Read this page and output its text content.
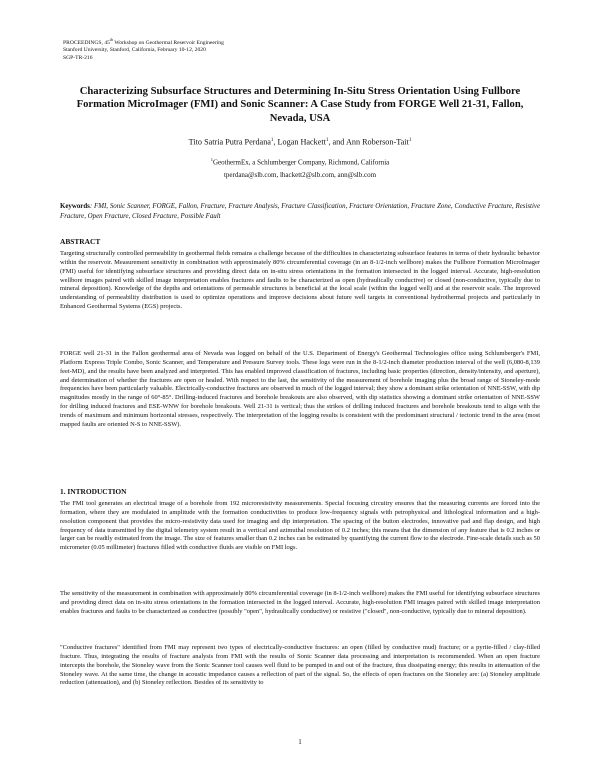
PROCEEDINGS, 45th Workshop on Geothermal Reservoir Engineering
Stanford University, Stanford, California, February 10-12, 2020
SGP-TR-216
Characterizing Subsurface Structures and Determining In-Situ Stress Orientation Using Fullbore Formation MicroImager (FMI) and Sonic Scanner: A Case Study from FORGE Well 21-31, Fallon, Nevada, USA
Tito Satria Putra Perdana$^1$, Logan Hackett$^1$, and Ann Roberson-Tait$^1$
$^1$GeothermEx, a Schlumberger Company, Richmond, California
tperdana@slb.com, lhackett2@slb.com, ann@slb.com
Keywords: FMI, Sonic Scanner, FORGE, Fallon, Fracture, Fracture Analysis, Fracture Classification, Fracture Orientation, Fracture Zone, Conductive Fracture, Resistive Fracture, Open Fracture, Closed Fracture, Possible Fault
ABSTRACT

Targeting structurally controlled permeability in geothermal fields remains a challenge because of the difficulties in characterizing subsurface features in terms of their hydraulic behavior within the reservoir. Measurement sensitivity in combination with approximately 80% circumferential coverage (in an 8-1/2-inch wellbore) makes the Fullbore Formation MicroImager (FMI) useful for identifying subsurface structures and providing direct data on in-situ stress orientations in the formation intersected in the logged interval. Accurate, high-resolution wellbore images paired with skilled image interpretation enables fractures and faults to be characterized as open (hydraulically conductive) or closed (non-conductive, typically due to mineral deposition). Knowledge of the depths and orientations of permeable structures is beneficial at the local scale (within the logged well) and at the reservoir scale. The improved understanding of permeability distribution is used to optimize operations and improve decisions about future well targets in conventional hydrothermal projects and particularly in Enhanced Geothermal Systems (EGS) projects.

FORGE well 21-31 in the Fallon geothermal area of Nevada was logged on behalf of the U.S. Department of Energy's Geothermal Technologies office using Schlumberger's FMI, Platform Express Triple Combo, Sonic Scanner, and Temperature and Pressure Survey tools. These logs were run in the 8-1/2-inch diameter production interval of the well (6,080-8,139 feet-MD), and the results have been analyzed and interpreted. This has enabled improved classification of fractures, including basic properties (direction, density/intensity, and aperture), and determination of whether the fractures are open or healed. With respect to the last, the sensitivity of the measurement of borehole imaging plus the broad range of Stoneley-mode frequencies have been particularly valuable. Electrically-conductive fractures are observed in much of the logged interval; they show a dominant strike orientation of NNE-SSW, with dip magnitudes mostly in the range of 60°-85°. Drilling-induced fractures and borehole breakouts are also observed, with dip statistics showing a dominant strike orientation of NNE-SSW for drilling induced fractures and ESE-WNW for borehole breakouts. Well 21-31 is vertical; thus the strikes of drilling induced fractures and borehole breakouts tend to align with the trends of maximum and minimum horizontal stresses, respectively. The interpretation of the logging results is consistent with the predominant structural / tectonic trend in the area (most mapped faults are oriented N-S to NNE-SSW).

1. INTRODUCTION

The FMI tool generates an electrical image of a borehole from 192 microresistivity measurements. Special focusing circuitry ensures that the measuring currents are forced into the formation, where they are modulated in amplitude with the formation conductivities to produce low-frequency signals with petrophysical and lithological information and a high-resolution component that provides the micro-resistivity data used for imaging and dip interpretation. The spacing of the button electrodes, innovative pad and flap design, and high frequency of data transmitted by the digital telemetry system result in a vertical and azimuthal resolution of 0.2 inches; this means that the dimension of any feature that is 0.2 inches or larger can be readily estimated from the image. The size of features smaller than 0.2 inches can be estimated by quantifying the current flow to the electrode. Fine-scale details such as 50 micrometer (0.05 millimeter) fractures filled with conductive fluids are visible on FMI logs.

The sensitivity of the measurement in combination with approximately 80% circumferential coverage (in 8-1/2-inch wellbore) makes the FMI useful for identifying subsurface structures and providing direct data on in-situ stress orientations in the formation intersected in the logged interval. Accurate, high-resolution FMI images paired with skilled image interpretation enables fractures and faults to be characterized as conductive (possibly "open", hydraulically conductive) or resistive ("closed", non-conductive, typically due to mineral deposition).

"Conductive fractures" identified from FMI may represent two types of electrically-conductive fractures: an open (filled by conductive mud) fracture; or a pyrite-filled / clay-filled fracture. Thus, integrating the results of fracture analysis from FMI with the results of Sonic Scanner data processing and interpretation is recommended. When an open fracture intercepts the borehole, the Stoneley wave from the Sonic Scanner tool causes well fluid to be pumped in and out of the fracture, thus dissipating energy; this results in attenuation of the Stoneley wave. At the same time, the change in acoustic impedance causes a reflection of part of the signal. So, the effects of open fractures on the Stoneley are: (a) Stoneley amplitude reduction (attenuation), and (b) Stoneley reflection. Besides of its sensitivity to

1
